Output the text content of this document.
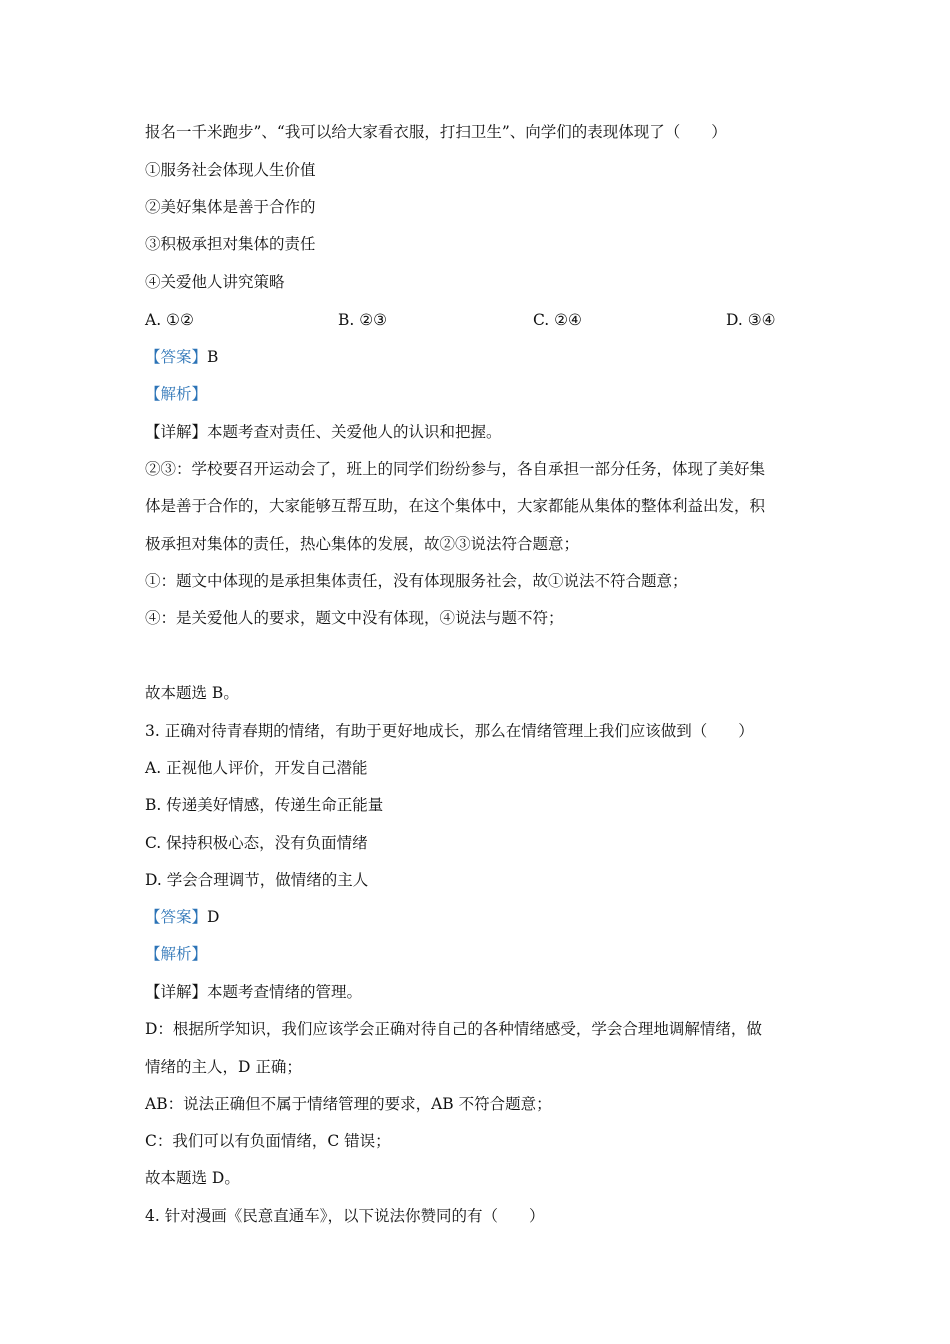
报名一千米跑步”、“我可以给大家看衣服，打扫卫生”、向学们的表现体现了（　　）
①服务社会体现人生价值
②美好集体是善于合作的
③积极承担对集体的责任
④关爱他人讲究策略
A. ①②	B. ②③	C. ②④	D. ③④
【答案】B
【解析】
【详解】本题考查对责任、关爱他人的认识和把握。
②③：学校要召开运动会了，班上的同学们纷纷参与，各自承担一部分任务，体现了美好集
体是善于合作的，大家能够互帮互助，在这个集体中，大家都能从集体的整体利益出发，积
极承担对集体的责任，热心集体的发展，故②③说法符合题意；
①：题文中体现的是承担集体责任，没有体现服务社会，故①说法不符合题意；
④：是关爱他人的要求，题文中没有体现，④说法与题不符；
故本题选 B。
3. 正确对待青春期的情绪，有助于更好地成长，那么在情绪管理上我们应该做到（　　）
A. 正视他人评价，开发自己潜能
B. 传递美好情感，传递生命正能量
C. 保持积极心态，没有负面情绪
D. 学会合理调节，做情绪的主人
【答案】D
【解析】
【详解】本题考查情绪的管理。
D：根据所学知识，我们应该学会正确对待自己的各种情绪感受，学会合理地调解情绪，做
情绪的主人，D 正确；
AB：说法正确但不属于情绪管理的要求，AB 不符合题意；
C：我们可以有负面情绪，C 错误；
故本题选 D。
4. 针对漫画《民意直通车》，以下说法你赞同的有（　　）
